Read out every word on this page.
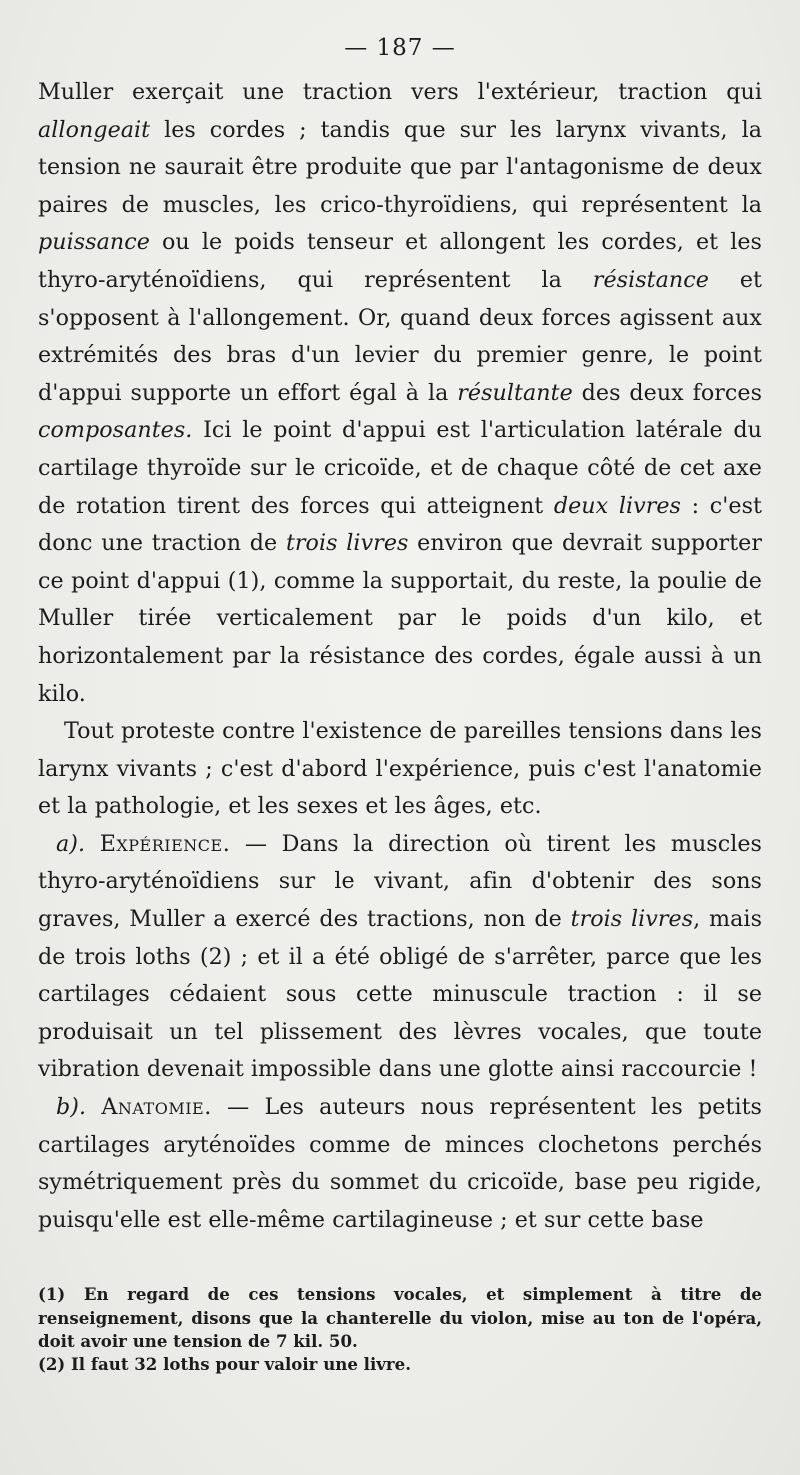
— 187 —

Muller exerçait une traction vers l'extérieur, traction qui allongeait les cordes ; tandis que sur les larynx vivants, la tension ne saurait être produite que par l'antagonisme de deux paires de muscles, les crico-thyroïdiens, qui représentent la puissance ou le poids tenseur et allongent les cordes, et les thyro-aryténoïdiens, qui représentent la résistance et s'opposent à l'allongement. Or, quand deux forces agissent aux extrémités des bras d'un levier du premier genre, le point d'appui supporte un effort égal à la résultante des deux forces composantes. Ici le point d'appui est l'articulation latérale du cartilage thyroïde sur le cricoïde, et de chaque côté de cet axe de rotation tirent des forces qui atteignent deux livres : c'est donc une traction de trois livres environ que devrait supporter ce point d'appui (1), comme la supportait, du reste, la poulie de Muller tirée verticalement par le poids d'un kilo, et horizontalement par la résistance des cordes, égale aussi à un kilo.

Tout proteste contre l'existence de pareilles tensions dans les larynx vivants ; c'est d'abord l'expérience, puis c'est l'anatomie et la pathologie, et les sexes et les âges, etc.

a). Expérience. — Dans la direction où tirent les muscles thyro-aryténoïdiens sur le vivant, afin d'obtenir des sons graves, Muller a exercé des tractions, non de trois livres, mais de trois loths (2) ; et il a été obligé de s'arrêter, parce que les cartilages cédaient sous cette minuscule traction : il se produisait un tel plissement des lèvres vocales, que toute vibration devenait impossible dans une glotte ainsi raccourcie !

b). Anatomie. — Les auteurs nous représentent les petits cartilages aryténoïdes comme de minces clochetons perchés symétriquement près du sommet du cricoïde, base peu rigide, puisqu'elle est elle-même cartilagineuse ; et sur cette base

(1) En regard de ces tensions vocales, et simplement à titre de renseignement, disons que la chanterelle du violon, mise au ton de l'opéra, doit avoir une tension de 7 kil. 50.

(2) Il faut 32 loths pour valoir une livre.
